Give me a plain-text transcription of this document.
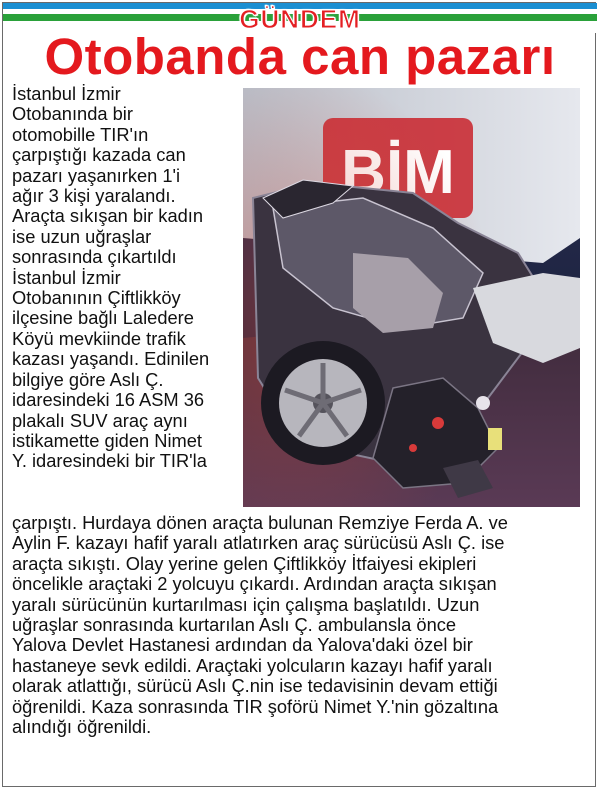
GÜNDEM
Otobanda can pazarı
İstanbul İzmir
Otobanında bir
otomobille TIR'ın
çarpıştığı kazada can
pazarı yaşanırken 1'i
ağır 3 kişi yaralandı.
Araçta sıkışan bir kadın
ise uzun uğraşlar
sonrasında çıkartıldı
İstanbul İzmir
Otobanının Çiftlikköy
ilçesine bağlı Laledere
Köyü mevkiinde trafik
kazası yaşandı. Edinilen
bilgiye göre Aslı Ç.
idaresindeki 16 ASM 36
plakalı SUV araç aynı
istikamette giden Nimet
Y. idaresindeki bir TIR'la
çarpıştı. Hurdaya dönen araçta bulunan Remziye Ferda A. ve
Aylin F. kazayı hafif yaralı atlatırken araç sürücüsü Aslı Ç. ise
araçta sıkıştı. Olay yerine gelen Çiftlikköy İtfaiyesi ekipleri
öncelikle araçtaki 2 yolcuyu çıkardı. Ardından araçta sıkışan
yaralı sürücünün kurtarılması için çalışma başlatıldı. Uzun
uğraşlar sonrasında kurtarılan Aslı Ç. ambulansla önce
Yalova Devlet Hastanesi ardından da Yalova'daki özel bir
hastaneye sevk edildi. Araçtaki yolcuların kazayı hafif yaralı
olarak atlattığı, sürücü Aslı Ç.nin ise tedavisinin devam ettiği
öğrenildi. Kaza sonrasında TIR şoförü Nimet Y.'nin gözaltına
alındığı öğrenildi.
